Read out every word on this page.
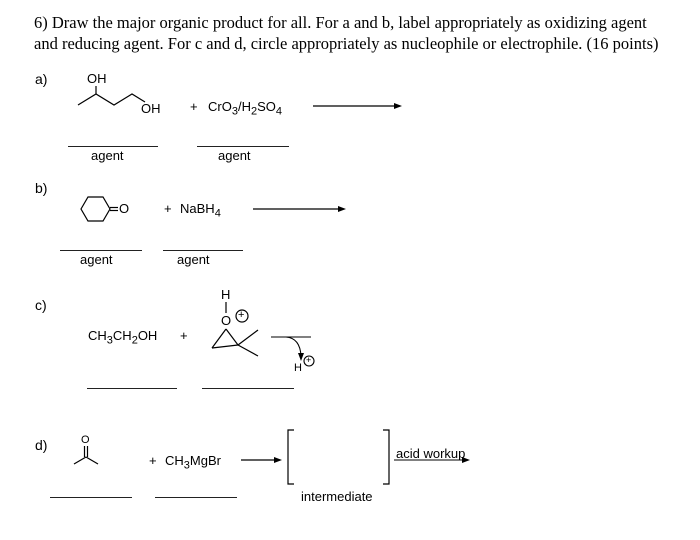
6) Draw the major organic product for all. For a and b, label appropriately as oxidizing agent
and reducing agent. For c and d, circle appropriately as nucleophile or electrophile. (16 points)
a)	OH
OH + $CrO_3/H_2SO_4$
agent	agent
b)
O	+ NaBH$_4$
agent	agent
c)
$CH_3CH_2OH$ +
H
O +
H
+
d)	O
+ $CH_3MgBr$	acid workup
intermediate
